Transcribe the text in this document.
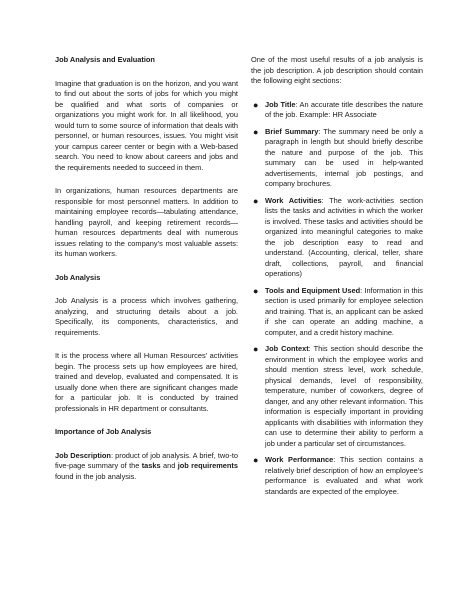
Job Analysis and Evaluation

Imagine that graduation is on the horizon, and you want to find out about the sorts of jobs for which you might be qualified and what sorts of companies or organizations you might work for. In all likelihood, you would turn to some source of information that deals with personnel, or human resources, issues. You might visit your campus career center or begin with a Web-based search. You need to know about careers and jobs and the requirements needed to succeed in them.

In organizations, human resources departments are responsible for most personnel matters. In addition to maintaining employee records—tabulating attendance, handling payroll, and keeping retirement records— human resources departments deal with numerous issues relating to the company’s most valuable assets: its human workers.

Job Analysis

Job Analysis is a process which involves gathering, analyzing, and structuring details about a job. Specifically, its components, characteristics, and requirements.

It is the process where all Human Resources’ activities begin. The process sets up how employees are hired, trained and develop, evaluated and compensated. It is usually done when there are significant changes made for a particular job. It is conducted by trained professionals in HR department or consultants.

Importance of Job Analysis

Job Description: product of job analysis. A brief, two-to five-page summary of the tasks and job requirements found in the job analysis.

One of the most useful results of a job analysis is the job description. A job description should contain the following eight sections:

● Job Title: An accurate title describes the nature of the job. Example: HR Associate
● Brief Summary: The summary need be only a paragraph in length but should briefly describe the nature and purpose of the job. This summary can be used in help-wanted advertisements, internal job postings, and company brochures.
● Work Activities: The work-activities section lists the tasks and activities in which the worker is involved. These tasks and activities should be organized into meaningful categories to make the job description easy to read and understand. (Accounting, clerical, teller, share draft, collections, payroll, and financial operations)
● Tools and Equipment Used: Information in this section is used primarily for employee selection and training. That is, an applicant can be asked if she can operate an adding machine, a computer, and a credit history machine.
● Job Context: This section should describe the environment in which the employee works and should mention stress level, work schedule, physical demands, level of responsibility, temperature, number of coworkers, degree of danger, and any other relevant information. This information is especially important in providing applicants with disabilities with information they can use to determine their ability to perform a job under a particular set of circumstances.
● Work Performance: This section contains a relatively brief description of how an employee’s performance is evaluated and what work standards are expected of the employee.
